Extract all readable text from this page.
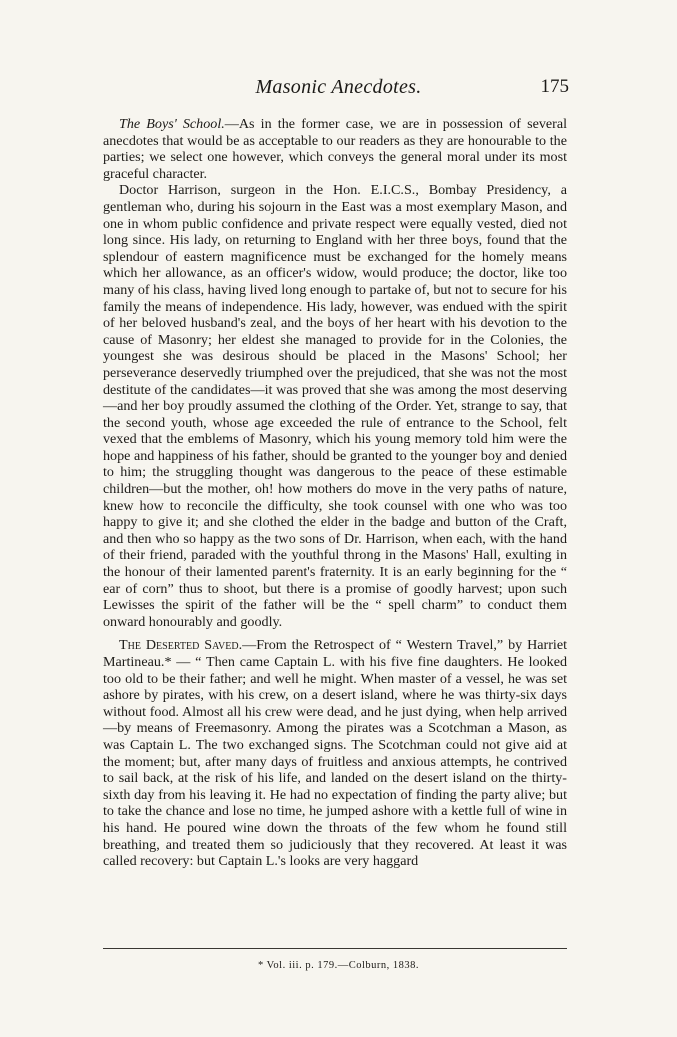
Masonic Anecdotes.	175

The Boys' School.—As in the former case, we are in possession of several anecdotes that would be as acceptable to our readers as they are honourable to the parties; we select one however, which conveys the general moral under its most graceful character.

Doctor Harrison, surgeon in the Hon. E.I.C.S., Bombay Presidency, a gentleman who, during his sojourn in the East was a most exemplary Mason, and one in whom public confidence and private respect were equally vested, died not long since. His lady, on returning to England with her three boys, found that the splendour of eastern magnificence must be exchanged for the homely means which her allowance, as an officer's widow, would produce; the doctor, like too many of his class, having lived long enough to partake of, but not to secure for his family the means of independence. His lady, however, was endued with the spirit of her beloved husband's zeal, and the boys of her heart with his devotion to the cause of Masonry; her eldest she managed to provide for in the Colonies, the youngest she was desirous should be placed in the Masons' School; her perseverance deservedly triumphed over the prejudiced, that she was not the most destitute of the candidates—it was proved that she was among the most deserving—and her boy proudly assumed the clothing of the Order. Yet, strange to say, that the second youth, whose age exceeded the rule of entrance to the School, felt vexed that the emblems of Masonry, which his young memory told him were the hope and happiness of his father, should be granted to the younger boy and denied to him; the struggling thought was dangerous to the peace of these estimable children—but the mother, oh! how mothers do move in the very paths of nature, knew how to reconcile the difficulty, she took counsel with one who was too happy to give it; and she clothed the elder in the badge and button of the Craft, and then who so happy as the two sons of Dr. Harrison, when each, with the hand of their friend, paraded with the youthful throng in the Masons' Hall, exulting in the honour of their lamented parent's fraternity. It is an early beginning for the “ ear of corn” thus to shoot, but there is a promise of goodly harvest; upon such Lewisses the spirit of the father will be the “ spell charm” to conduct them onward honourably and goodly.

The Deserted Saved.—From the Retrospect of “ Western Travel,” by Harriet Martineau.* — “ Then came Captain L. with his five fine daughters. He looked too old to be their father; and well he might. When master of a vessel, he was set ashore by pirates, with his crew, on a desert island, where he was thirty-six days without food. Almost all his crew were dead, and he just dying, when help arrived—by means of Freemasonry. Among the pirates was a Scotchman a Mason, as was Captain L. The two exchanged signs. The Scotchman could not give aid at the moment; but, after many days of fruitless and anxious attempts, he contrived to sail back, at the risk of his life, and landed on the desert island on the thirty-sixth day from his leaving it. He had no expectation of finding the party alive; but to take the chance and lose no time, he jumped ashore with a kettle full of wine in his hand. He poured wine down the throats of the few whom he found still breathing, and treated them so judiciously that they recovered. At least it was called recovery: but Captain L.'s looks are very haggard

* Vol. iii. p. 179.—Colburn, 1838.
